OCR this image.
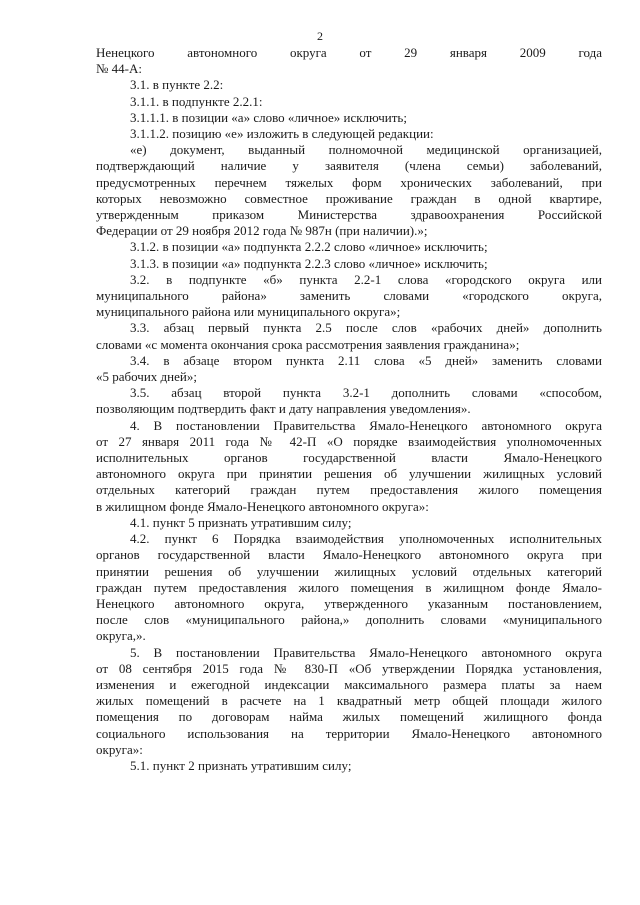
2
Ненецкого автономного округа от 29 января 2009 года
№ 44-А:
3.1. в пункте 2.2:
3.1.1. в подпункте 2.2.1:
3.1.1.1. в позиции «а» слово «личное» исключить;
3.1.1.2. позицию «е» изложить в следующей редакции:
«е) документ, выданный полномочной медицинской организацией,
подтверждающий наличие у заявителя (члена семьи) заболеваний,
предусмотренных перечнем тяжелых форм хронических заболеваний, при
которых невозможно совместное проживание граждан в одной квартире,
утвержденным приказом Министерства здравоохранения Российской
Федерации от 29 ноября 2012 года № 987н (при наличии).»;
3.1.2. в позиции «а» подпункта 2.2.2 слово «личное» исключить;
3.1.3. в позиции «а» подпункта 2.2.3 слово «личное» исключить;
3.2. в подпункте «б» пункта 2.2-1 слова «городского округа или
муниципального района» заменить словами «городского округа,
муниципального района или муниципального округа»;
3.3. абзац первый пункта 2.5 после слов «рабочих дней» дополнить
словами «с момента окончания срока рассмотрения заявления гражданина»;
3.4. в абзаце втором пункта 2.11 слова «5 дней» заменить словами
«5 рабочих дней»;
3.5. абзац второй пункта 3.2-1 дополнить словами «способом,
позволяющим подтвердить факт и дату направления уведомления».
4. В постановлении Правительства Ямало-Ненецкого автономного округа
от 27 января 2011 года № 42-П «О порядке взаимодействия уполномоченных
исполнительных органов государственной власти Ямало-Ненецкого
автономного округа при принятии решения об улучшении жилищных условий
отдельных категорий граждан путем предоставления жилого помещения
в жилищном фонде Ямало-Ненецкого автономного округа»:
4.1. пункт 5 признать утратившим силу;
4.2. пункт 6 Порядка взаимодействия уполномоченных исполнительных
органов государственной власти Ямало-Ненецкого автономного округа при
принятии решения об улучшении жилищных условий отдельных категорий
граждан путем предоставления жилого помещения в жилищном фонде Ямало-
Ненецкого автономного округа, утвержденного указанным постановлением,
после слов «муниципального района,» дополнить словами «муниципального
округа,».
5. В постановлении Правительства Ямало-Ненецкого автономного округа
от 08 сентября 2015 года № 830-П «Об утверждении Порядка установления,
изменения и ежегодной индексации максимального размера платы за наем
жилых помещений в расчете на 1 квадратный метр общей площади жилого
помещения по договорам найма жилых помещений жилищного фонда
социального использования на территории Ямало-Ненецкого автономного
округа»:
5.1. пункт 2 признать утратившим силу;
